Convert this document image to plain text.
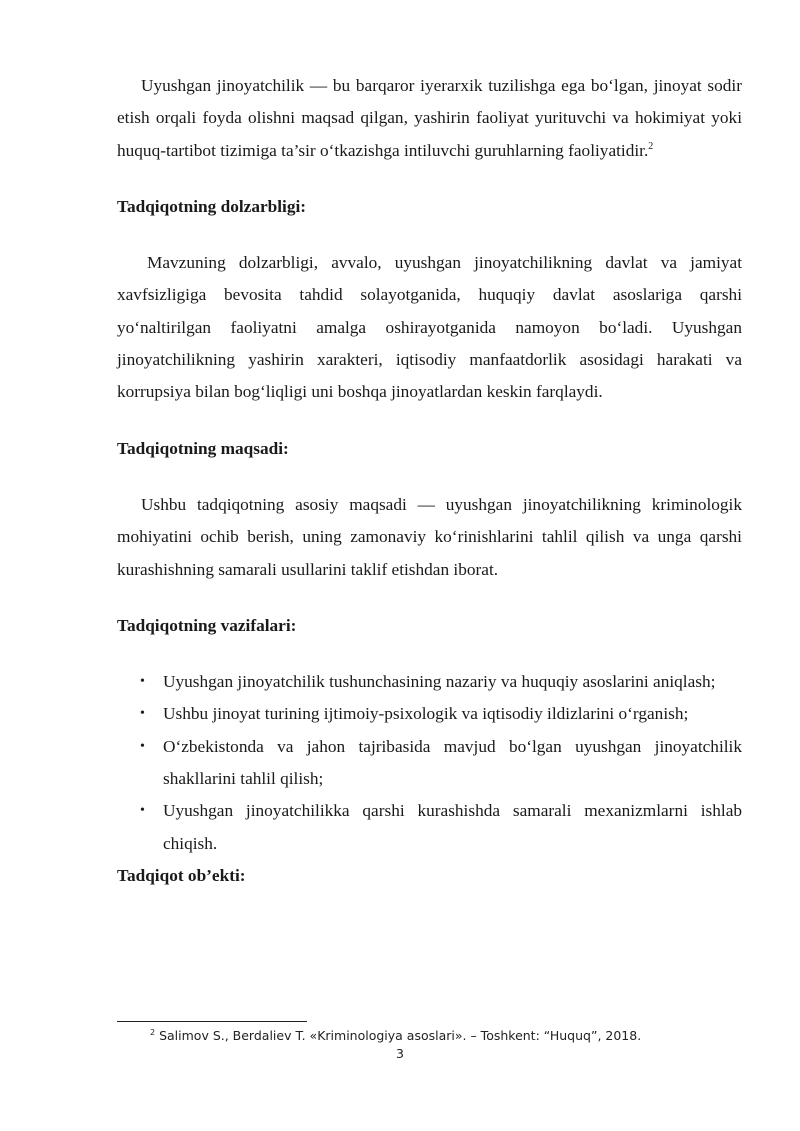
Uyushgan jinoyatchilik — bu barqaror iyerarxik tuzilishga ega bo‘lgan, jinoyat sodir etish orqali foyda olishni maqsad qilgan, yashirin faoliyat yurituvchi va hokimiyat yoki huquq-tartibot tizimiga ta’sir o‘tkazishga intiluvchi guruhlarning faoliyatidir.$^2$

Tadqiqotning dolzarbligi:

Mavzuning dolzarbligi, avvalo, uyushgan jinoyatchilikning davlat va jamiyat xavfsizligiga bevosita tahdid solayotganida, huquqiy davlat asoslariga qarshi yo‘naltirilgan faoliyatni amalga oshirayotganida namoyon bo‘ladi. Uyushgan jinoyatchilikning yashirin xarakteri, iqtisodiy manfaatdorlik asosidagi harakati va korrupsiya bilan bog‘liqligi uni boshqa jinoyatlardan keskin farqlaydi.

Tadqiqotning maqsadi:

Ushbu tadqiqotning asosiy maqsadi — uyushgan jinoyatchilikning kriminologik mohiyatini ochib berish, uning zamonaviy ko‘rinishlarini tahlil qilish va unga qarshi kurashishning samarali usullarini taklif etishdan iborat.

Tadqiqotning vazifalari:

• Uyushgan jinoyatchilik tushunchasining nazariy va huquqiy asoslarini aniqlash;
• Ushbu jinoyat turining ijtimoiy-psixologik va iqtisodiy ildizlarini o‘rganish;
• O‘zbekistonda va jahon tajribasida mavjud bo‘lgan uyushgan jinoyatchilik shakllarini tahlil qilish;
• Uyushgan jinoyatchilikka qarshi kurashishda samarali mexanizmlarni ishlab chiqish.

Tadqiqot ob’ekti:

$^2$ Salimov S., Berdaliev T. «Kriminologiya asoslari». – Toshkent: “Huquq”, 2018.
3
